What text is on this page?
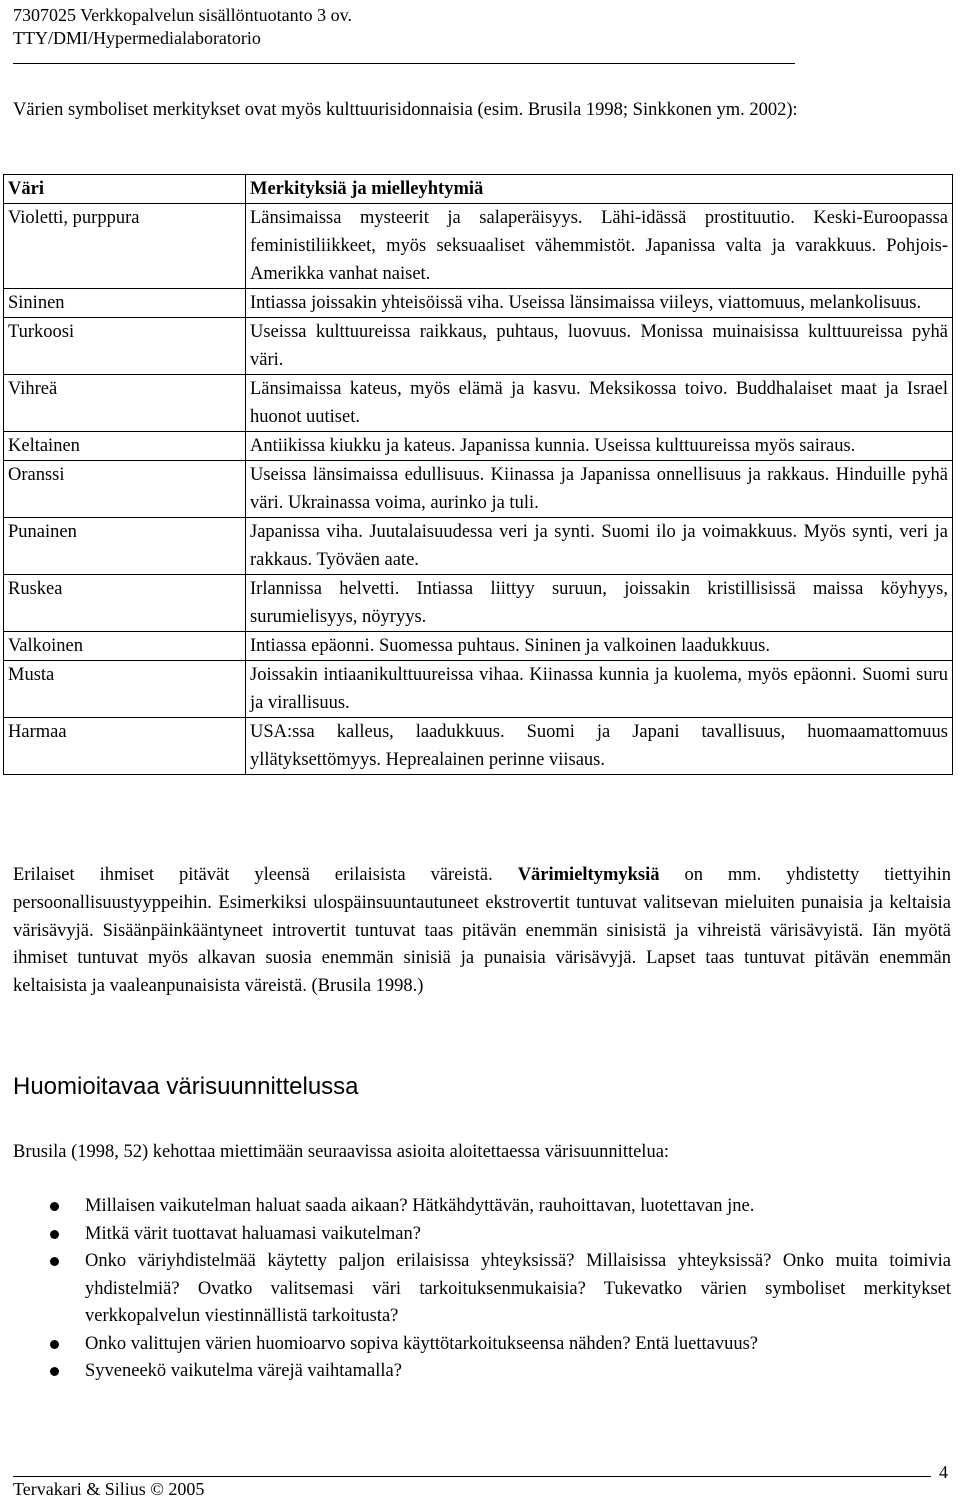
7307025 Verkkopalvelun sisällöntuotanto 3 ov.
TTY/DMI/Hypermedialaboratorio

Värien symboliset merkitykset ovat myös kulttuurisidonnaisia (esim. Brusila 1998; Sinkkonen ym. 2002):

Väri	Merkityksiä ja mielleyhtymiä
Violetti, purppura	Länsimaissa mysteerit ja salaperäisyys. Lähi-idässä prostituutio. Keski-Euroopassa feministiliikkeet, myös seksuaaliset vähemmistöt. Japanissa valta ja varakkuus. Pohjois-Amerikka vanhat naiset.
Sininen	Intiassa joissakin yhteisöissä viha. Useissa länsimaissa viileys, viattomuus, melankolisuus.
Turkoosi	Useissa kulttuureissa raikkaus, puhtaus, luovuus. Monissa muinaisissa kulttuureissa pyhä väri.
Vihreä	Länsimaissa kateus, myös elämä ja kasvu. Meksikossa toivo. Buddhalaiset maat ja Israel huonot uutiset.
Keltainen	Antiikissa kiukku ja kateus. Japanissa kunnia. Useissa kulttuureissa myös sairaus.
Oranssi	Useissa länsimaissa edullisuus. Kiinassa ja Japanissa onnellisuus ja rakkaus. Hinduille pyhä väri. Ukrainassa voima, aurinko ja tuli.
Punainen	Japanissa viha. Juutalaisuudessa veri ja synti. Suomi ilo ja voimakkuus. Myös synti, veri ja rakkaus. Työväen aate.
Ruskea	Irlannissa helvetti. Intiassa liittyy suruun, joissakin kristillisissä maissa köyhyys, surumielisyys, nöyryys.
Valkoinen	Intiassa epäonni. Suomessa puhtaus. Sininen ja valkoinen laadukkuus.
Musta	Joissakin intiaanikulttuureissa vihaa. Kiinassa kunnia ja kuolema, myös epäonni. Suomi suru ja virallisuus.
Harmaa	USA:ssa kalleus, laadukkuus. Suomi ja Japani tavallisuus, huomaamattomuus yllätyksettömyys. Heprealainen perinne viisaus.

Erilaiset ihmiset pitävät yleensä erilaisista väreistä. Värimieltymyksiä on mm. yhdistetty tiettyihin persoonallisuustyyppeihin. Esimerkiksi ulospäinsuuntautuneet ekstrovertit tuntuvat valitsevan mieluiten punaisia ja keltaisia värisävyjä. Sisäänpäinkääntyneet introvertit tuntuvat taas pitävän enemmän sinisistä ja vihreistä värisävyistä. Iän myötä ihmiset tuntuvat myös alkavan suosia enemmän sinisiä ja punaisia värisävyjä. Lapset taas tuntuvat pitävän enemmän keltaisista ja vaaleanpunaisista väreistä. (Brusila 1998.)

Huomioitavaa värisuunnittelussa

Brusila (1998, 52) kehottaa miettimään seuraavissa asioita aloitettaessa värisuunnittelua:

Millaisen vaikutelman haluat saada aikaan? Hätkähdyttävän, rauhoittavan, luotettavan jne.
Mitkä värit tuottavat haluamasi vaikutelman?
Onko väriyhdistelmää käytetty paljon erilaisissa yhteyksissä? Millaisissa yhteyksissä? Onko muita toimivia yhdistelmiä? Ovatko valitsemasi väri tarkoituksenmukaisia? Tukevatko värien symboliset merkitykset verkkopalvelun viestinnällistä tarkoitusta?
Onko valittujen värien huomioarvo sopiva käyttötarkoitukseensa nähden? Entä luettavuus?
Syveneekö vaikutelma värejä vaihtamalla?
4
Tervakari & Silius © 2005
